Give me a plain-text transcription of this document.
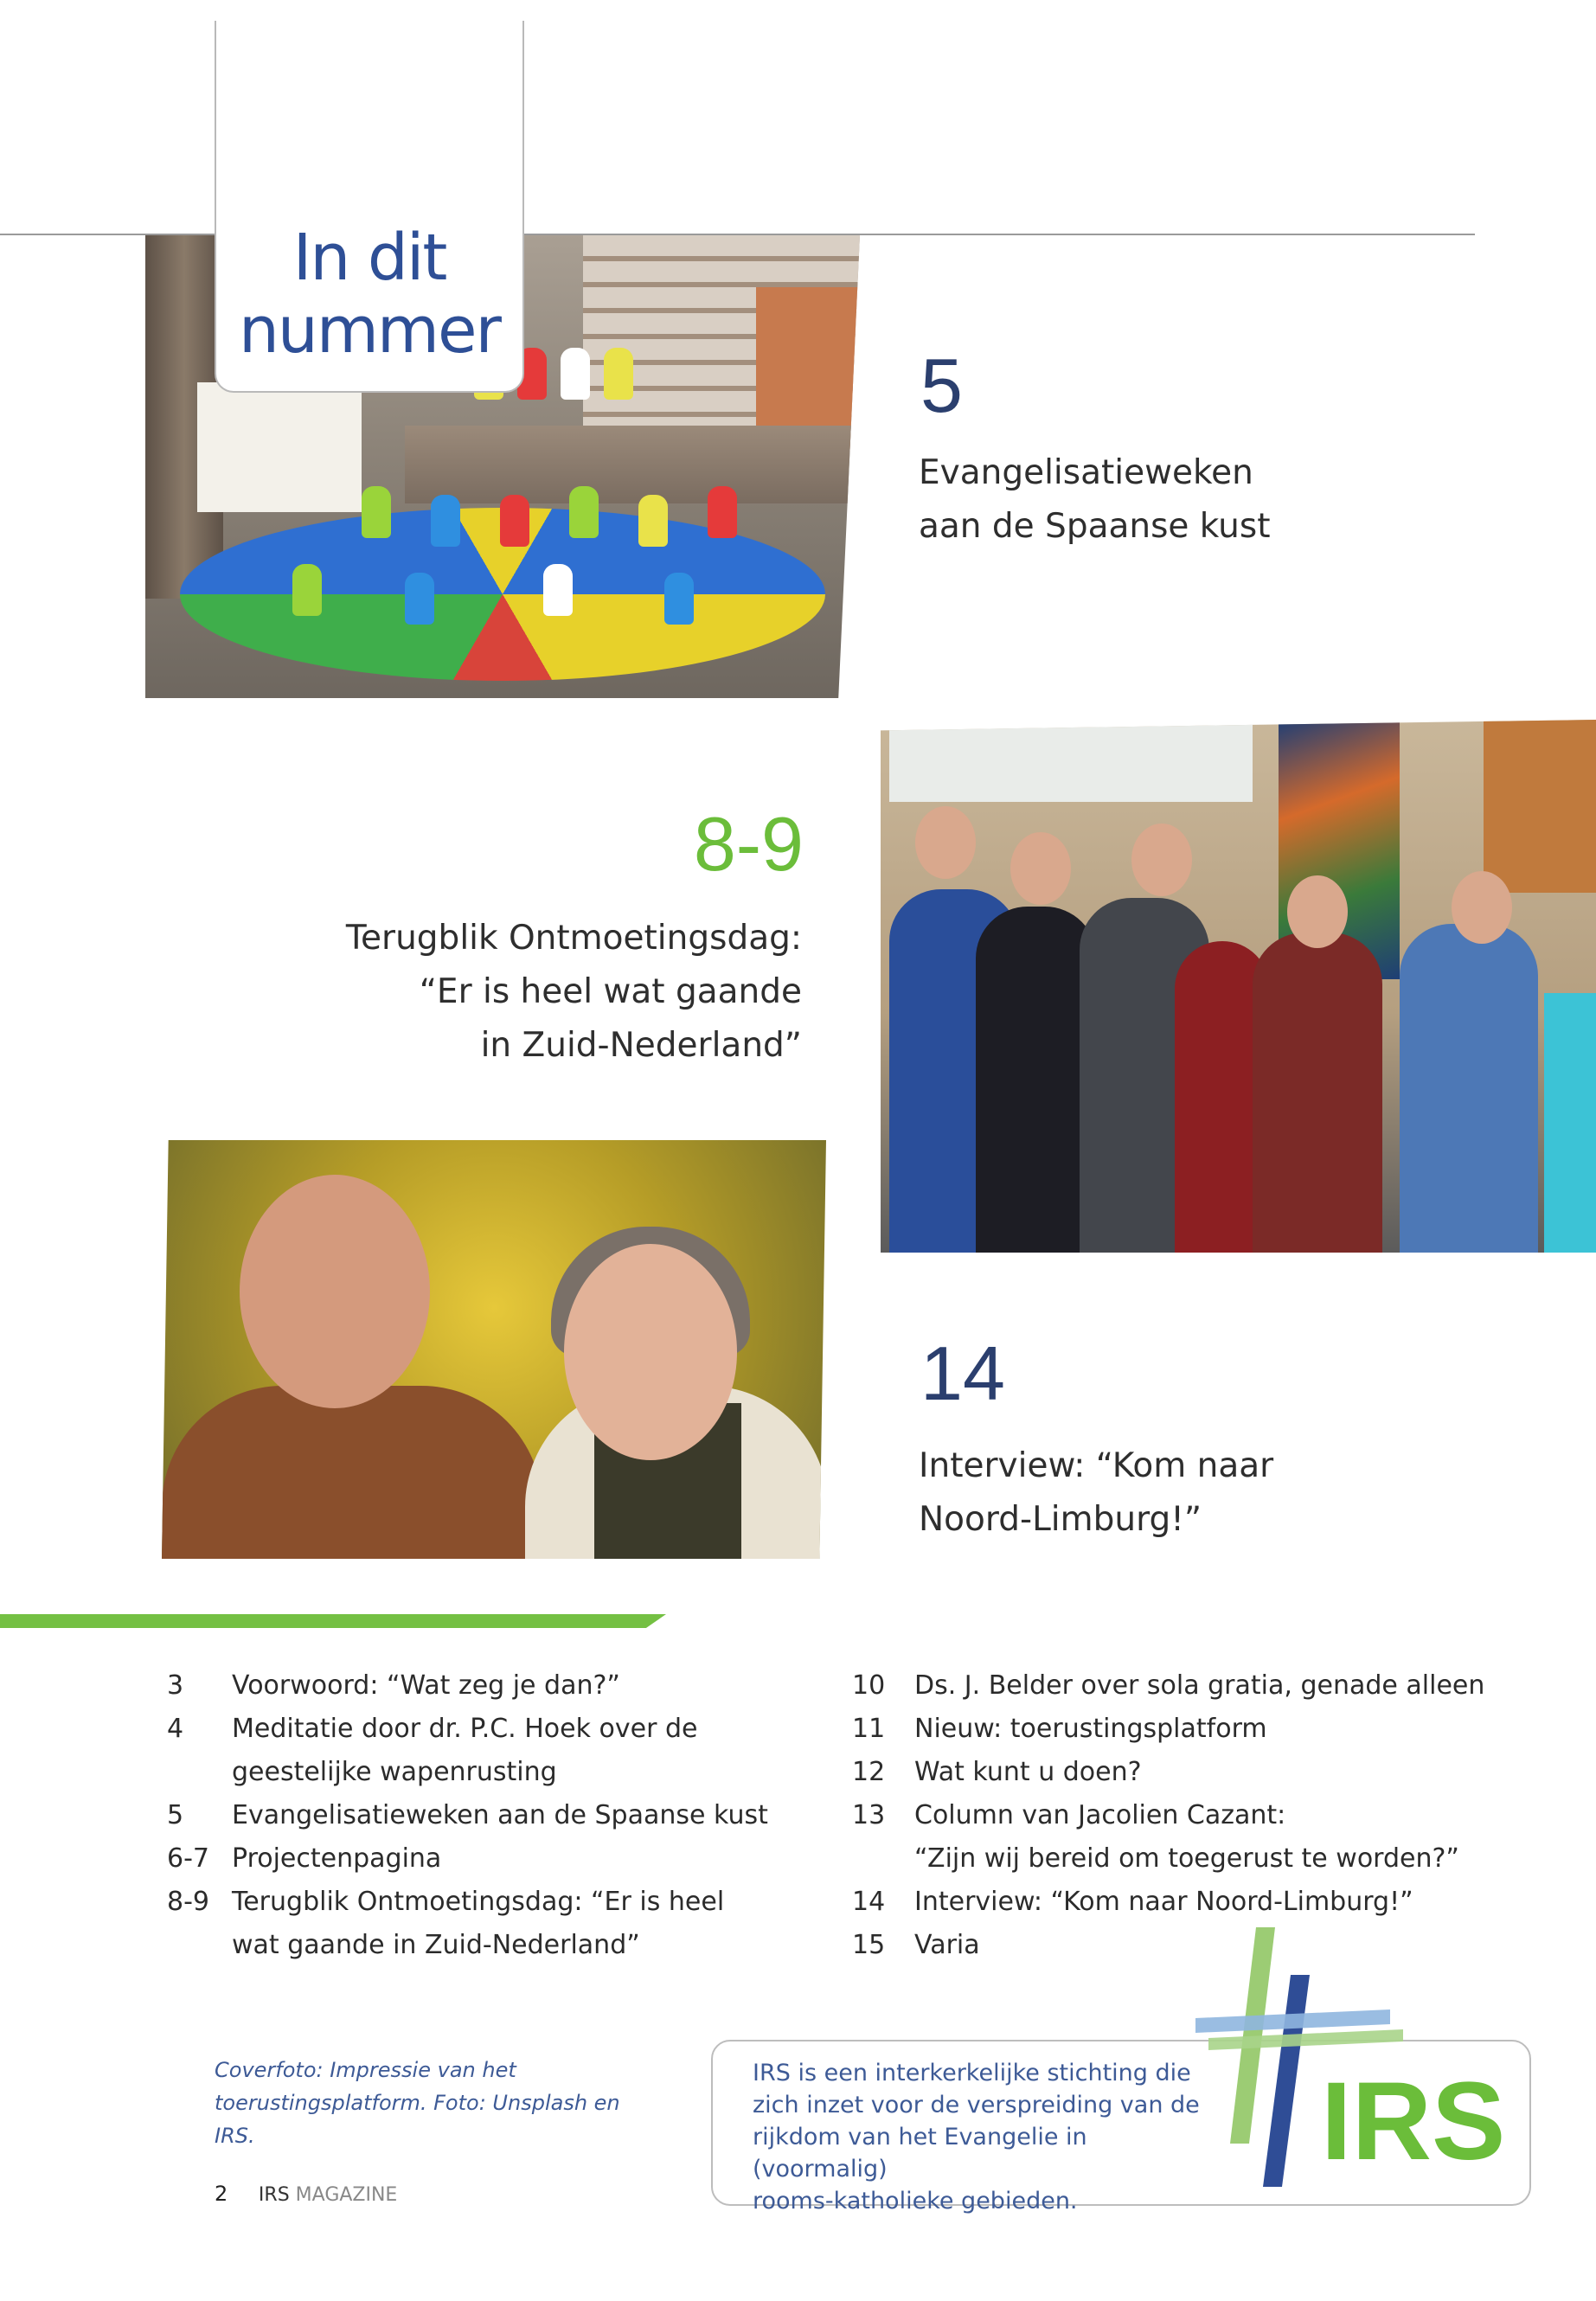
In dit
nummer
5
Evangelisatieweken
aan de Spaanse kust
8-9
Terugblik Ontmoetingsdag:
“Er is heel wat gaande
in Zuid-Nederland”
14
Interview: “Kom naar
Noord-Limburg!”
3	Voorwoord: “Wat zeg je dan?”
4	Meditatie door dr. P.C. Hoek over de
geestelijke wapenrusting
5	Evangelisatieweken aan de Spaanse kust
6-7 Projectenpagina
8-9 Terugblik Ontmoetingsdag: “Er is heel
wat gaande in Zuid-Nederland”
10	Ds. J. Belder over sola gratia, genade alleen
11	Nieuw: toerustingsplatform
12	Wat kunt u doen?
13	Column van Jacolien Cazant:
“Zijn wij bereid om toegerust te worden?”
14	Interview: “Kom naar Noord-Limburg!”
15	Varia
Coverfoto: Impressie van het
toerustingsplatform. Foto: Unsplash en IRS.
2 IRS MAGAZINE
IRS is een interkerkelijke stichting die
zich inzet voor de verspreiding van de
rijkdom van het Evangelie in (voormalig)
rooms-katholieke gebieden.
IRS
